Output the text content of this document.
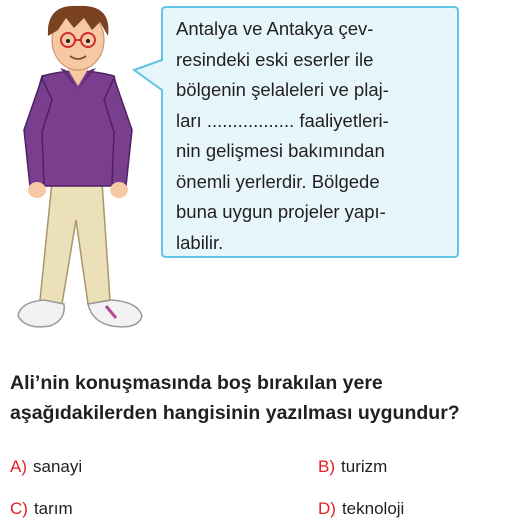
Antalya ve Antakya çev-
resindeki eski eserler ile
bölgenin şelaleleri ve plaj-
ları ................. faaliyetleri-
nin gelişmesi bakımından
önemli yerlerdir. Bölgede
buna uygun projeler yapı-
labilir.
Ali’nin konuşmasında boş bırakılan yere aşağıdakilerden hangisinin yazılması uygundur?
A) sanayi	B) turizm
C) tarım	D) teknoloji
